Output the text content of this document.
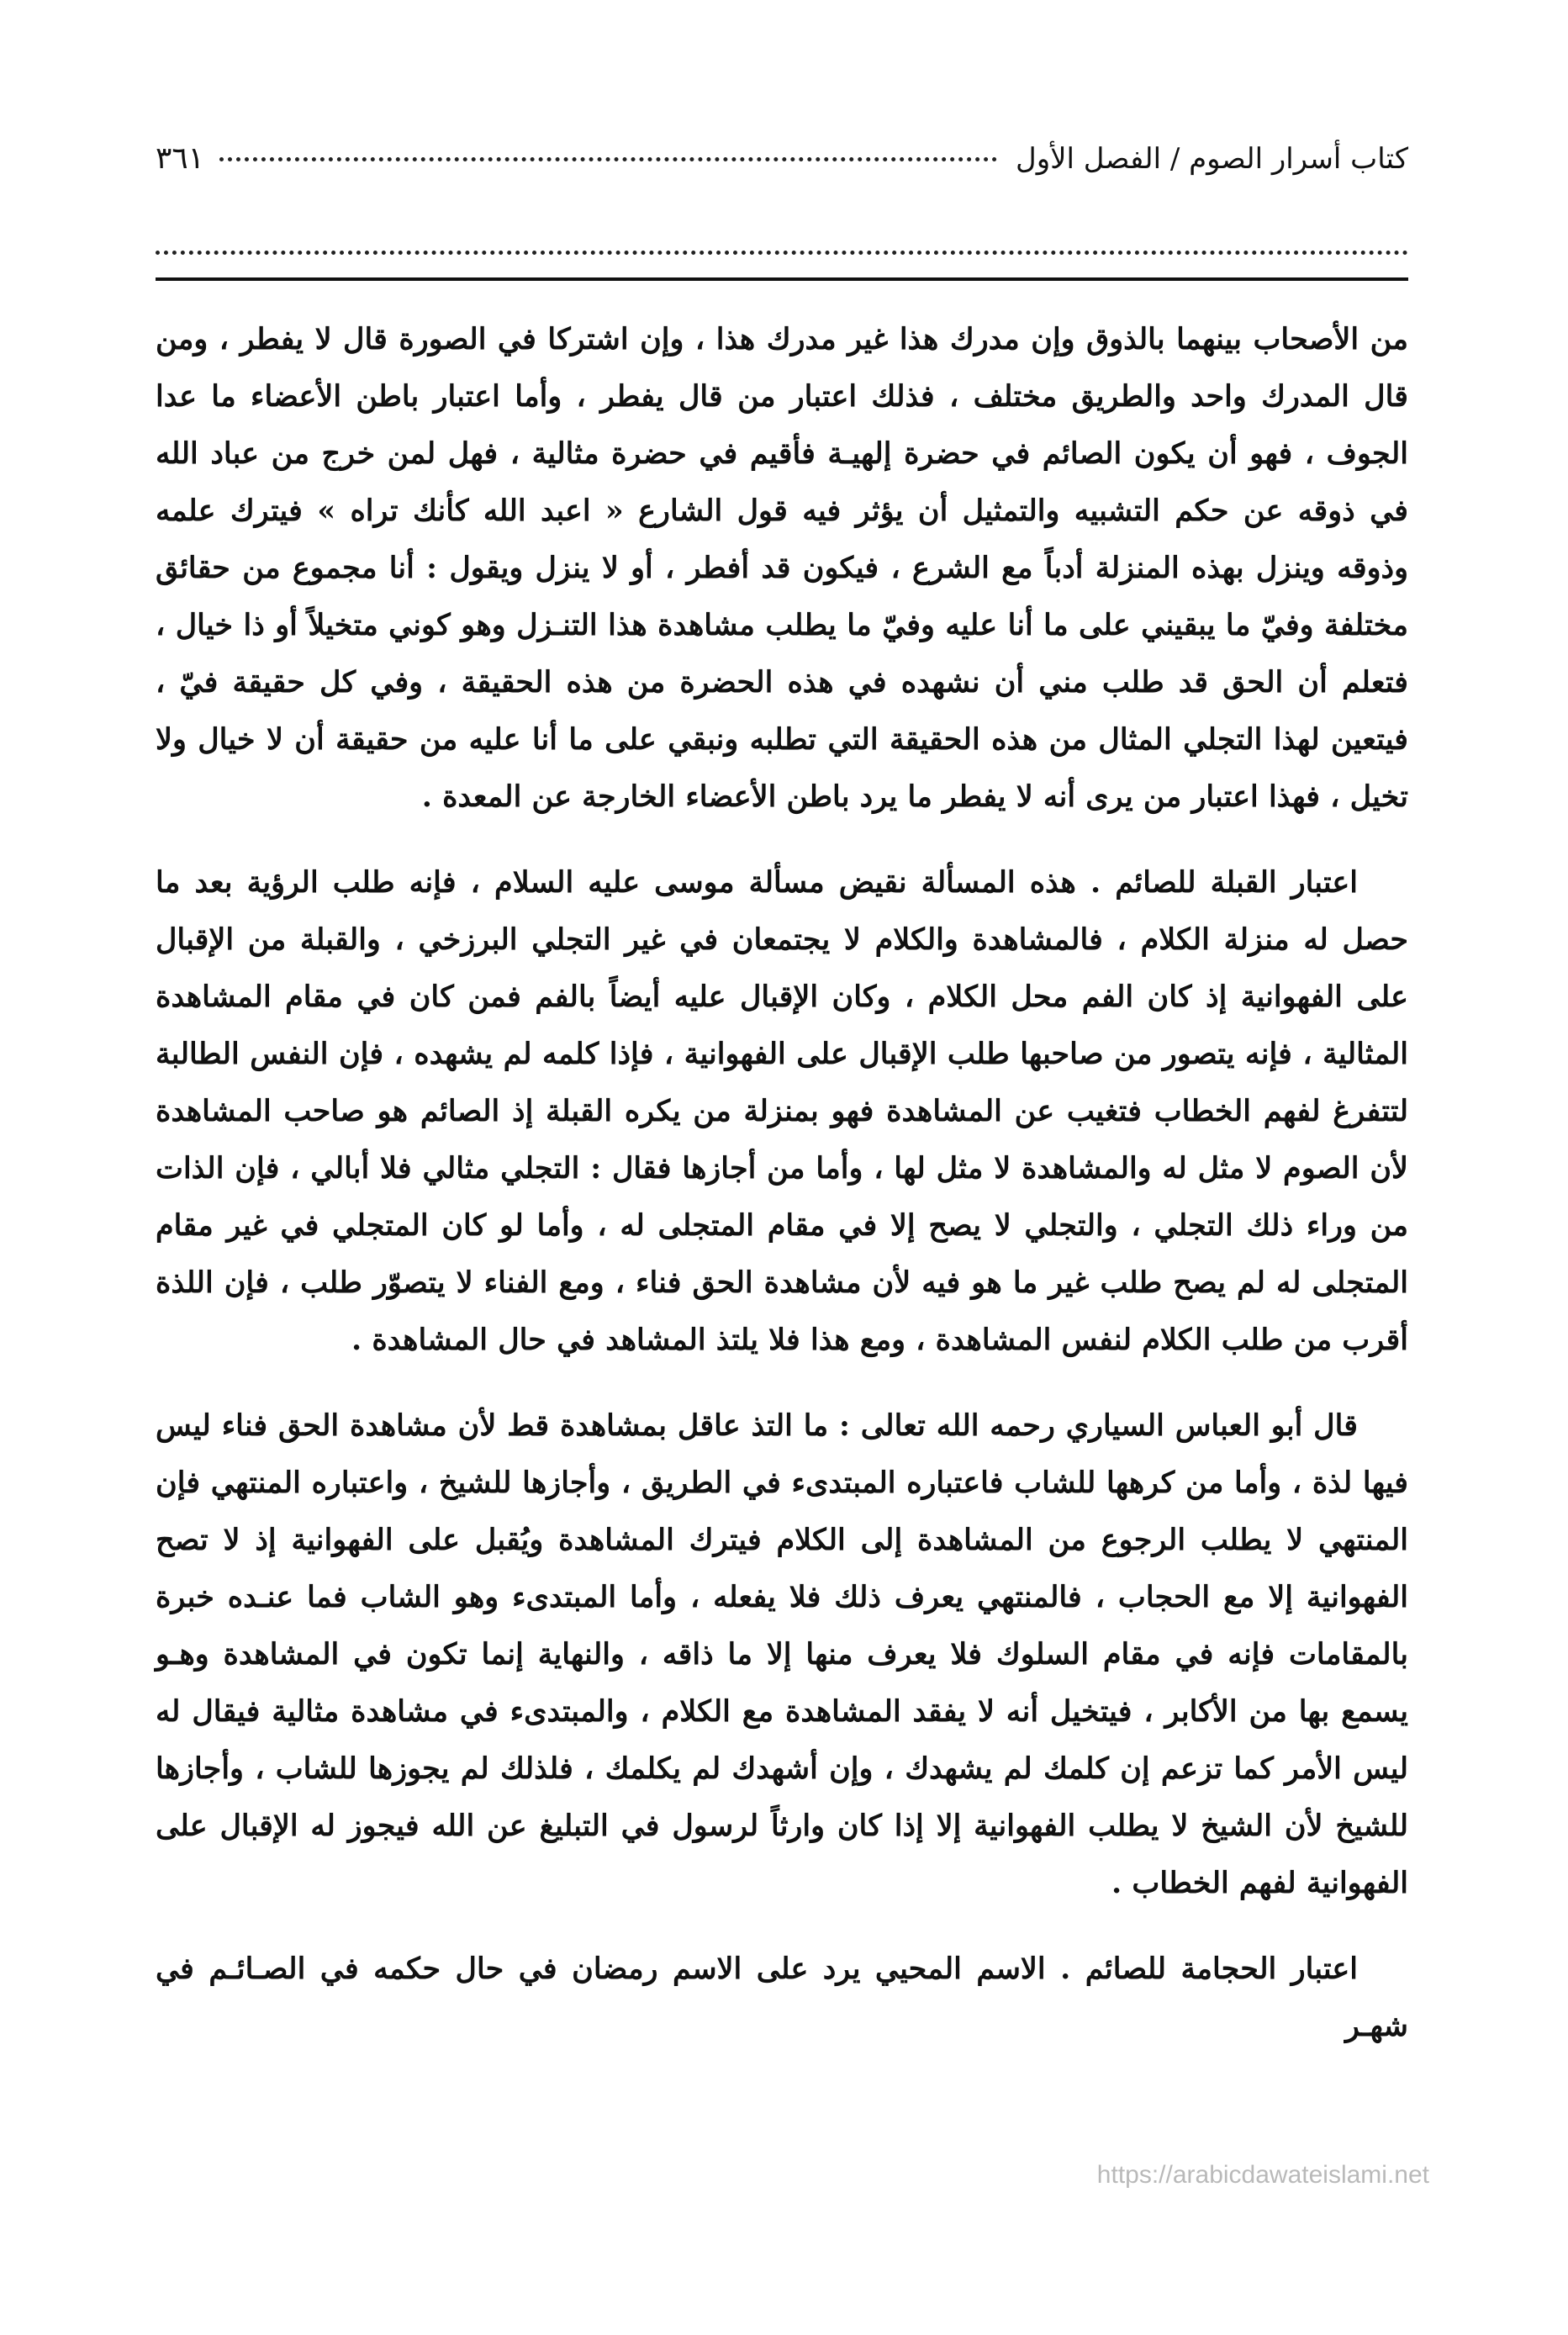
كتاب أسرار الصوم / الفصل الأول
٣٦١

من الأصحاب بينهما بالذوق وإن مدرك هذا غير مدرك هذا ، وإن اشتركا في الصورة قال لا يفطر ، ومن قال المدرك واحد والطريق مختلف ، فذلك اعتبار من قال يفطر ، وأما اعتبار باطن الأعضاء ما عدا الجوف ، فهو أن يكون الصائم في حضرة إلهيـة فأقيم في حضرة مثالية ، فهل لمن خرج من عباد الله في ذوقه عن حكم التشبيه والتمثيل أن يؤثر فيه قول الشارع « اعبد الله كأنك تراه » فيترك علمه وذوقه وينزل بهذه المنزلة أدباً مع الشرع ، فيكون قد أفطر ، أو لا ينزل ويقول : أنا مجموع من حقائق مختلفة وفيّ ما يبقيني على ما أنا عليه وفيّ ما يطلب مشاهدة هذا التنـزل وهو كوني متخيلاً أو ذا خيال ، فتعلم أن الحق قد طلب مني أن نشهده في هذه الحضرة من هذه الحقيقة ، وفي كل حقيقة فيّ ، فيتعين لهذا التجلي المثال من هذه الحقيقة التي تطلبه ونبقي على ما أنا عليه من حقيقة أن لا خيال ولا تخيل ، فهذا اعتبار من يرى أنه لا يفطر ما يرد باطن الأعضاء الخارجة عن المعدة .

اعتبار القبلة للصائم . هذه المسألة نقيض مسألة موسى عليه السلام ، فإنه طلب الرؤية بعد ما حصل له منزلة الكلام ، فالمشاهدة والكلام لا يجتمعان في غير التجلي البرزخي ، والقبلة من الإقبال على الفهوانية إذ كان الفم محل الكلام ، وكان الإقبال عليه أيضاً بالفم فمن كان في مقام المشاهدة المثالية ، فإنه يتصور من صاحبها طلب الإقبال على الفهوانية ، فإذا كلمه لم يشهده ، فإن النفس الطالبة لتتفرغ لفهم الخطاب فتغيب عن المشاهدة فهو بمنزلة من يكره القبلة إذ الصائم هو صاحب المشاهدة لأن الصوم لا مثل له والمشاهدة لا مثل لها ، وأما من أجازها فقال : التجلي مثالي فلا أبالي ، فإن الذات من وراء ذلك التجلي ، والتجلي لا يصح إلا في مقام المتجلى له ، وأما لو كان المتجلي في غير مقام المتجلى له لم يصح طلب غير ما هو فيه لأن مشاهدة الحق فناء ، ومع الفناء لا يتصوّر طلب ، فإن اللذة أقرب من طلب الكلام لنفس المشاهدة ، ومع هذا فلا يلتذ المشاهد في حال المشاهدة .

قال أبو العباس السياري رحمه الله تعالى : ما التذ عاقل بمشاهدة قط لأن مشاهدة الحق فناء ليس فيها لذة ، وأما من كرهها للشاب فاعتباره المبتدىء في الطريق ، وأجازها للشيخ ، واعتباره المنتهي فإن المنتهي لا يطلب الرجوع من المشاهدة إلى الكلام فيترك المشاهدة ويُقبل على الفهوانية إذ لا تصح الفهوانية إلا مع الحجاب ، فالمنتهي يعرف ذلك فلا يفعله ، وأما المبتدىء وهو الشاب فما عنـده خبرة بالمقامات فإنه في مقام السلوك فلا يعرف منها إلا ما ذاقه ، والنهاية إنما تكون في المشاهدة وهـو يسمع بها من الأكابر ، فيتخيل أنه لا يفقد المشاهدة مع الكلام ، والمبتدىء في مشاهدة مثالية فيقال له ليس الأمر كما تزعم إن كلمك لم يشهدك ، وإن أشهدك لم يكلمك ، فلذلك لم يجوزها للشاب ، وأجازها للشيخ لأن الشيخ لا يطلب الفهوانية إلا إذا كان وارثاً لرسول في التبليغ عن الله فيجوز له الإقبال على الفهوانية لفهم الخطاب .

اعتبار الحجامة للصائم . الاسم المحيي يرد على الاسم رمضان في حال حكمه في الصـائـم في شهـر

https://arabicdawateislami.net
